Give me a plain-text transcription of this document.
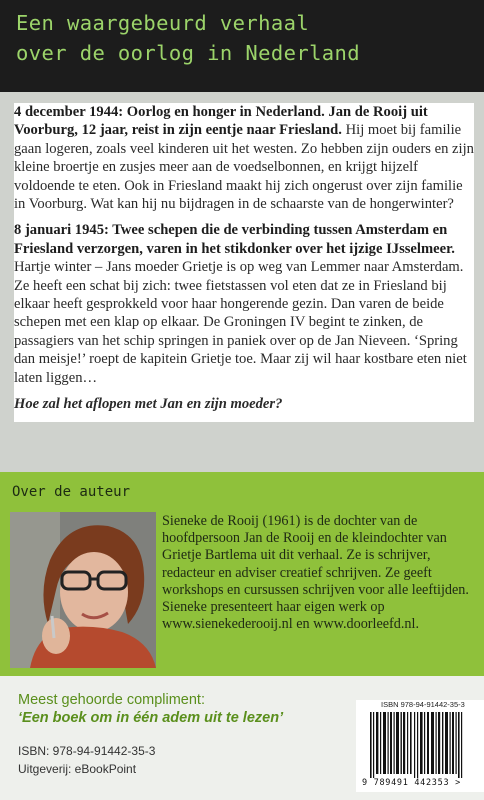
Een waargebeurd verhaal
over de oorlog in Nederland

4 december 1944: Oorlog en honger in Nederland. Jan de Rooij uit Voorburg, 12 jaar, reist in zijn eentje naar Friesland. Hij moet bij familie gaan logeren, zoals veel kinderen uit het westen. Zo hebben zijn ouders en zijn kleine broertje en zusjes meer aan de voedselbonnen, en krijgt hijzelf voldoende te eten. Ook in Friesland maakt hij zich ongerust over zijn familie in Voorburg. Wat kan hij nu bijdragen in de schaarste van de hongerwinter?

8 januari 1945: Twee schepen die de verbinding tussen Amsterdam en Friesland verzorgen, varen in het stikdonker over het ijzige IJsselmeer. Hartje winter – Jans moeder Grietje is op weg van Lemmer naar Amsterdam. Ze heeft een schat bij zich: twee fietstassen vol eten dat ze in Friesland bij elkaar heeft gesprokkeld voor haar hongerende gezin. Dan varen de beide schepen met een klap op elkaar. De Groningen IV begint te zinken, de passagiers van het schip springen in paniek over op de Jan Nieveen. ‘Spring dan meisje!’ roept de kapitein Grietje toe. Maar zij wil haar kostbare eten niet laten liggen…

Hoe zal het aflopen met Jan en zijn moeder?

Over de auteur
Sieneke de Rooij (1961) is de dochter van de hoofdpersoon Jan de Rooij en de kleindochter van Grietje Bartlema uit dit verhaal. Ze is schrijver, redacteur en adviser creatief schrijven. Ze geeft workshops en cursussen schrijven voor alle leeftijden. Sieneke presenteert haar eigen werk op www.sienekederooij.nl en www.doorleefd.nl.
Meest gehoorde compliment:
‘Een boek om in één adem uit te lezen’
ISBN: 978-94-91442-35-3
Uitgeverij: eBookPoint
ISBN 978-94-91442-35-3
9 789491 442353 >
